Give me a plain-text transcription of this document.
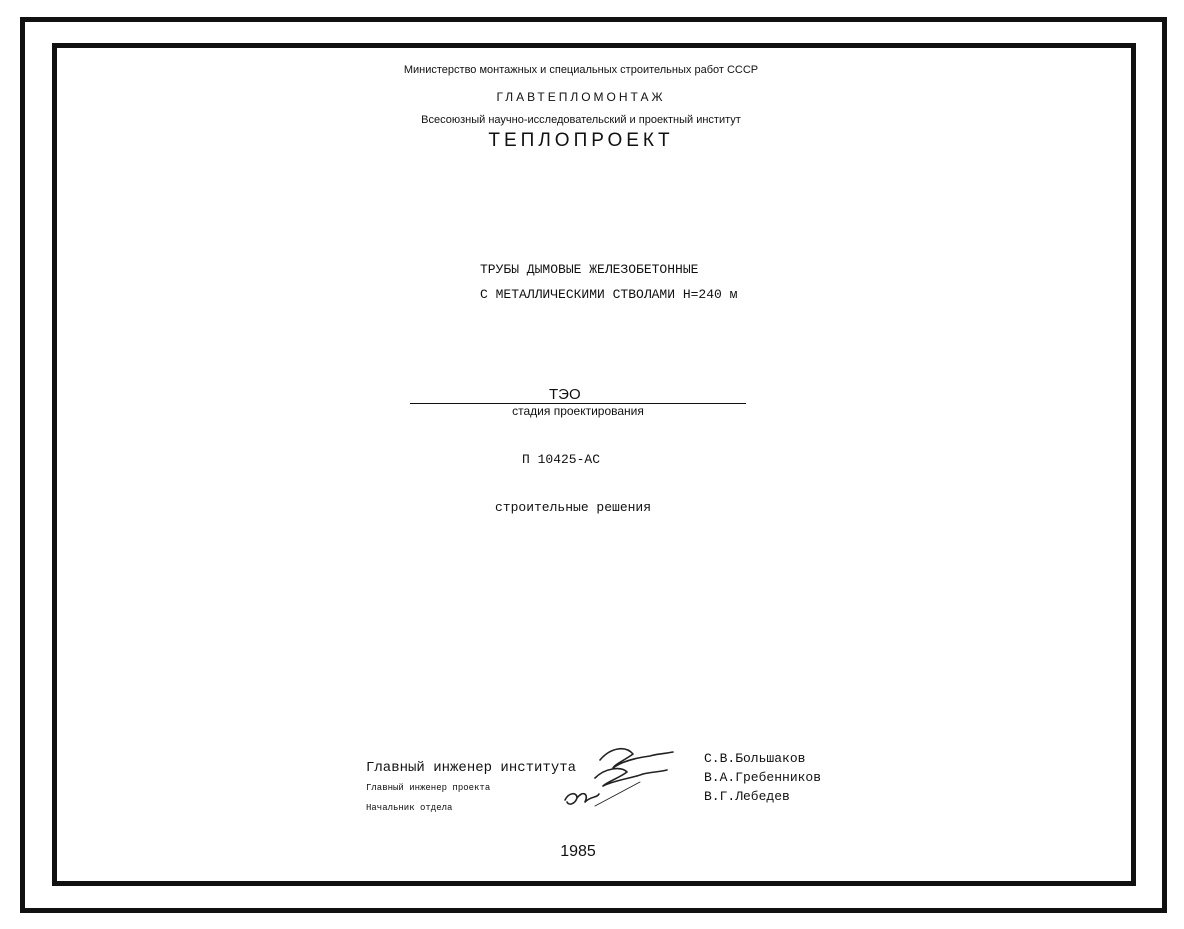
Министерство монтажных и специальных строительных работ СССР
ГЛАВТЕПЛОМОНТАЖ
Всесоюзный научно-исследовательский и проектный институт
ТЕПЛОПРОЕКТ
ТРУБЫ ДЫМОВЫЕ ЖЕЛЕЗОБЕТОННЫЕ
С МЕТАЛЛИЧЕСКИМИ СТВОЛАМИ Н=240 м
ТЭО
стадия проектирования
П 10425-АС
строительные решения
Главный инженер института
Главный инженер проекта
Начальник отдела
С.В.Большаков
В.А.Гребенников
В.Г.Лебедев
1985
